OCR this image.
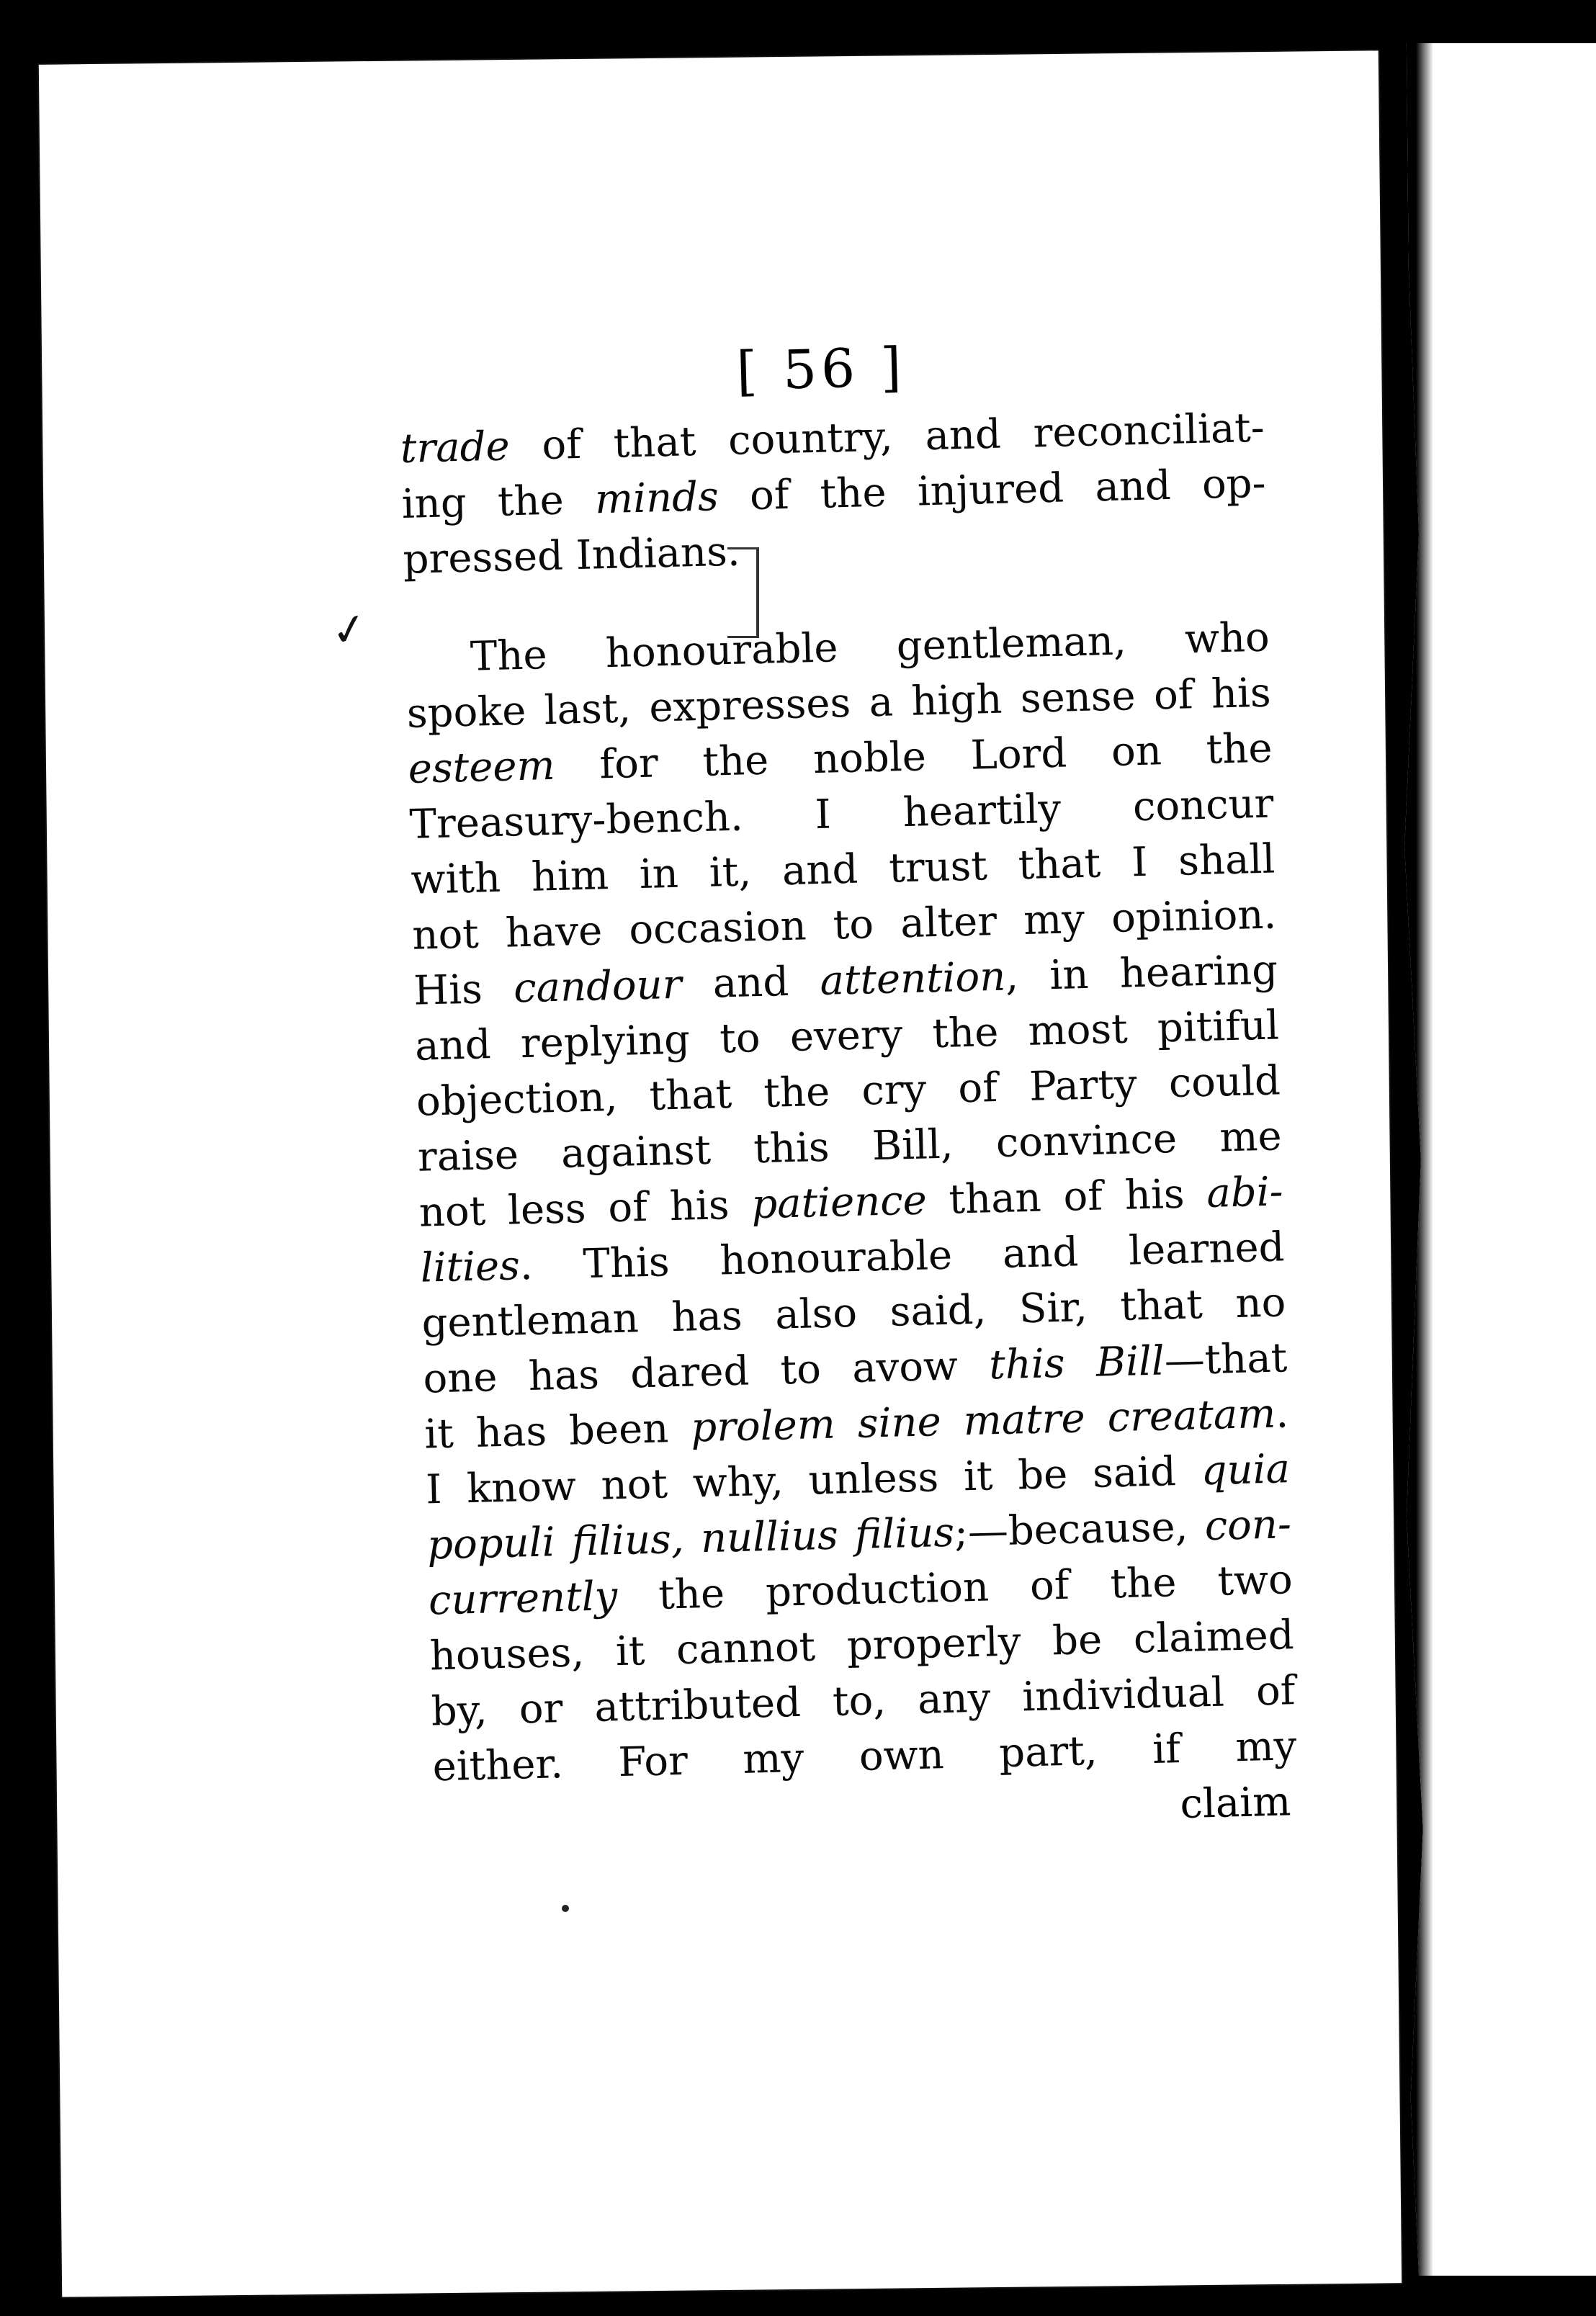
[ 56 ]
✓
trade of that country, and reconciliat-
ing the minds of the injured and op-
pressed Indians.
The honourable gentleman, who
spoke last, expresses a high sense of his
esteem for the noble Lord on the
Treasury-bench. I heartily concur
with him in it, and trust that I shall
not have occasion to alter my opinion.
His candour and attention, in hearing
and replying to every the most pitiful
objection, that the cry of Party could
raise against this Bill, convince me
not less of his patience than of his abi-
lities. This honourable and learned
gentleman has also said, Sir, that no
one has dared to avow this Bill—that
it has been prolem sine matre creatam.
I know not why, unless it be said quia
populi filius, nullius filius;—because, con-
currently the production of the two
houses, it cannot properly be claimed
by, or attributed to, any individual of
either. For my own part, if my
claim
